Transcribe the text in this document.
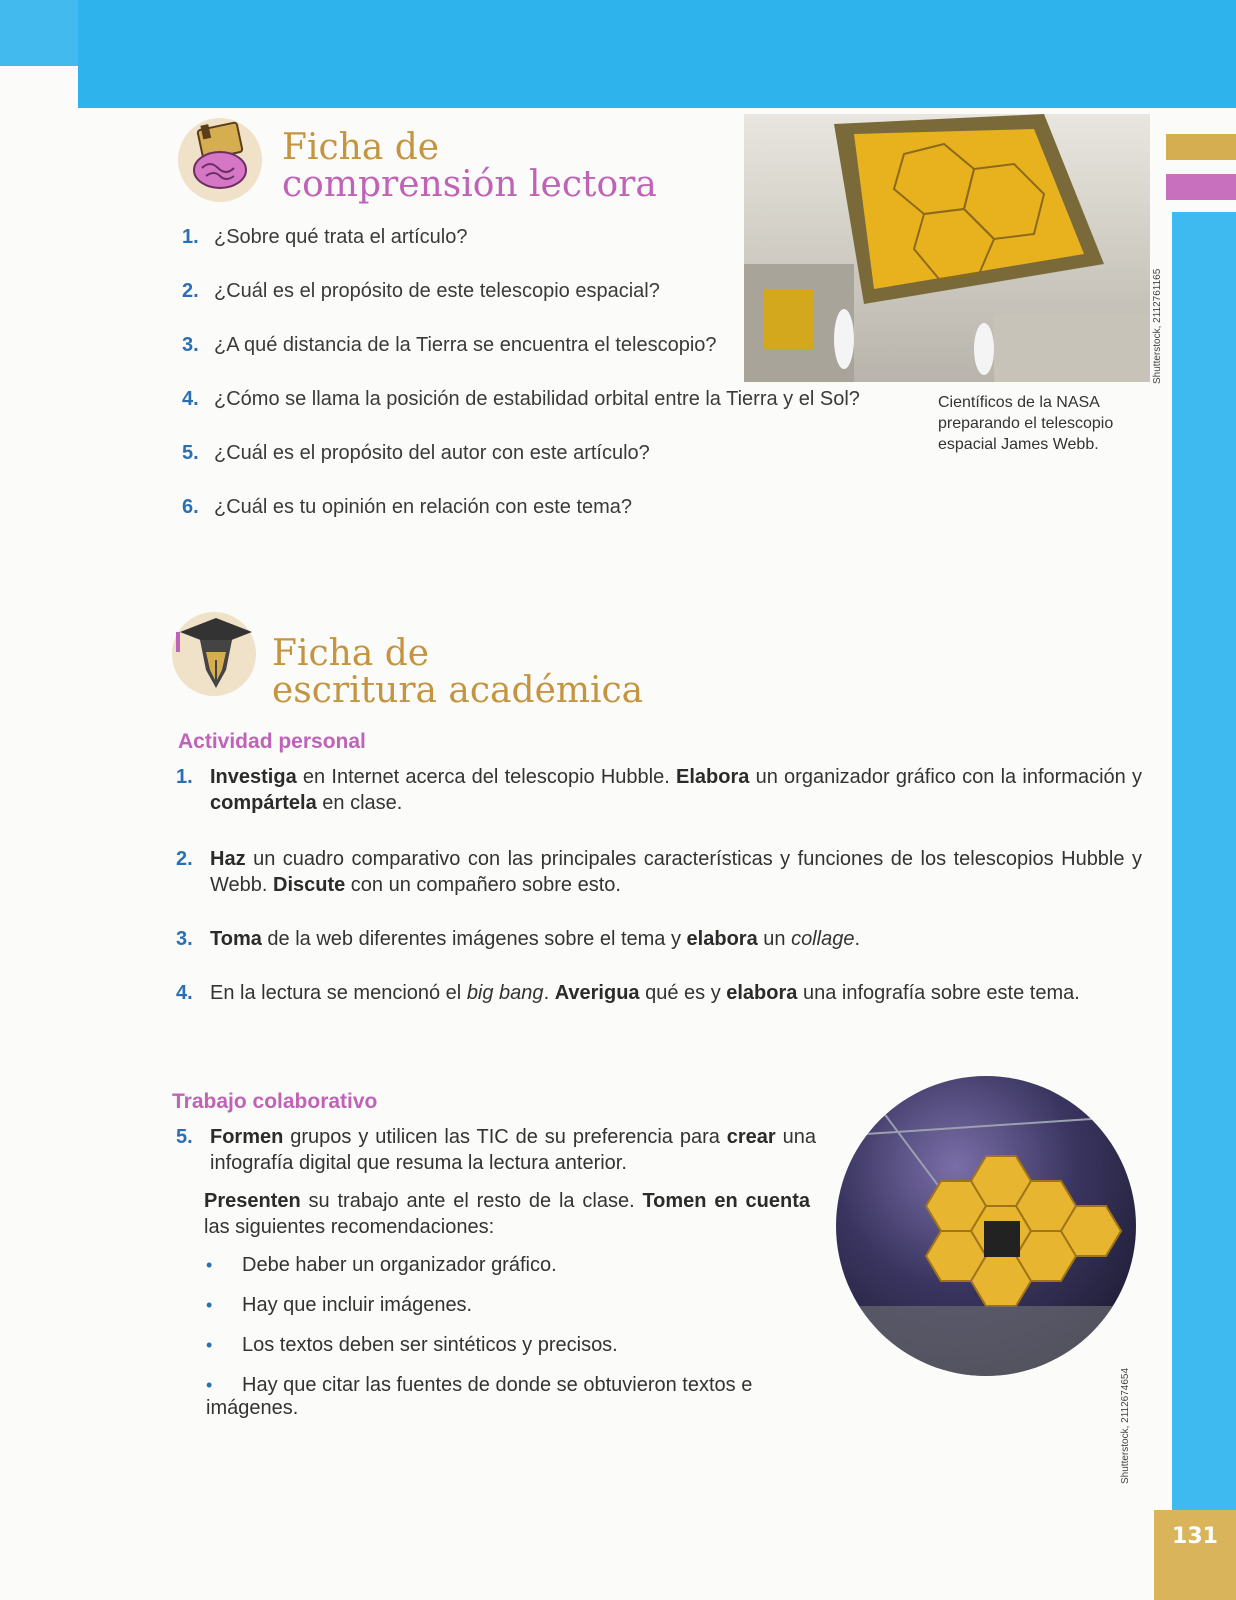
131
Ficha de
comprensión lectora
1. ¿Sobre qué trata el artículo?
2. ¿Cuál es el propósito de este telescopio espacial?
3. ¿A qué distancia de la Tierra se encuentra el telescopio?
4. ¿Cómo se llama la posición de estabilidad orbital entre la Tierra y el Sol?
5. ¿Cuál es el propósito del autor con este artículo?
6. ¿Cuál es tu opinión en relación con este tema?
Científicos de la NASA preparando el telescopio espacial James Webb.
Shutterstock, 2112761165
Ficha de
escritura académica
Actividad personal
1. Investiga en Internet acerca del telescopio Hubble. Elabora un organizador gráfico con la información y compártela en clase.
2. Haz un cuadro comparativo con las principales características y funciones de los telescopios Hubble y Webb. Discute con un compañero sobre esto.
3. Toma de la web diferentes imágenes sobre el tema y elabora un collage.
4. En la lectura se mencionó el big bang. Averigua qué es y elabora una infografía sobre este tema.
Trabajo colaborativo
5. Formen grupos y utilicen las TIC de su preferencia para crear una infografía digital que resuma la lectura anterior.
Presenten su trabajo ante el resto de la clase. Tomen en cuenta las siguientes recomendaciones:
• Debe haber un organizador gráfico.
• Hay que incluir imágenes.
• Los textos deben ser sintéticos y precisos.
• Hay que citar las fuentes de donde se obtuvieron textos e imágenes.	Shutterstock, 2112674654
